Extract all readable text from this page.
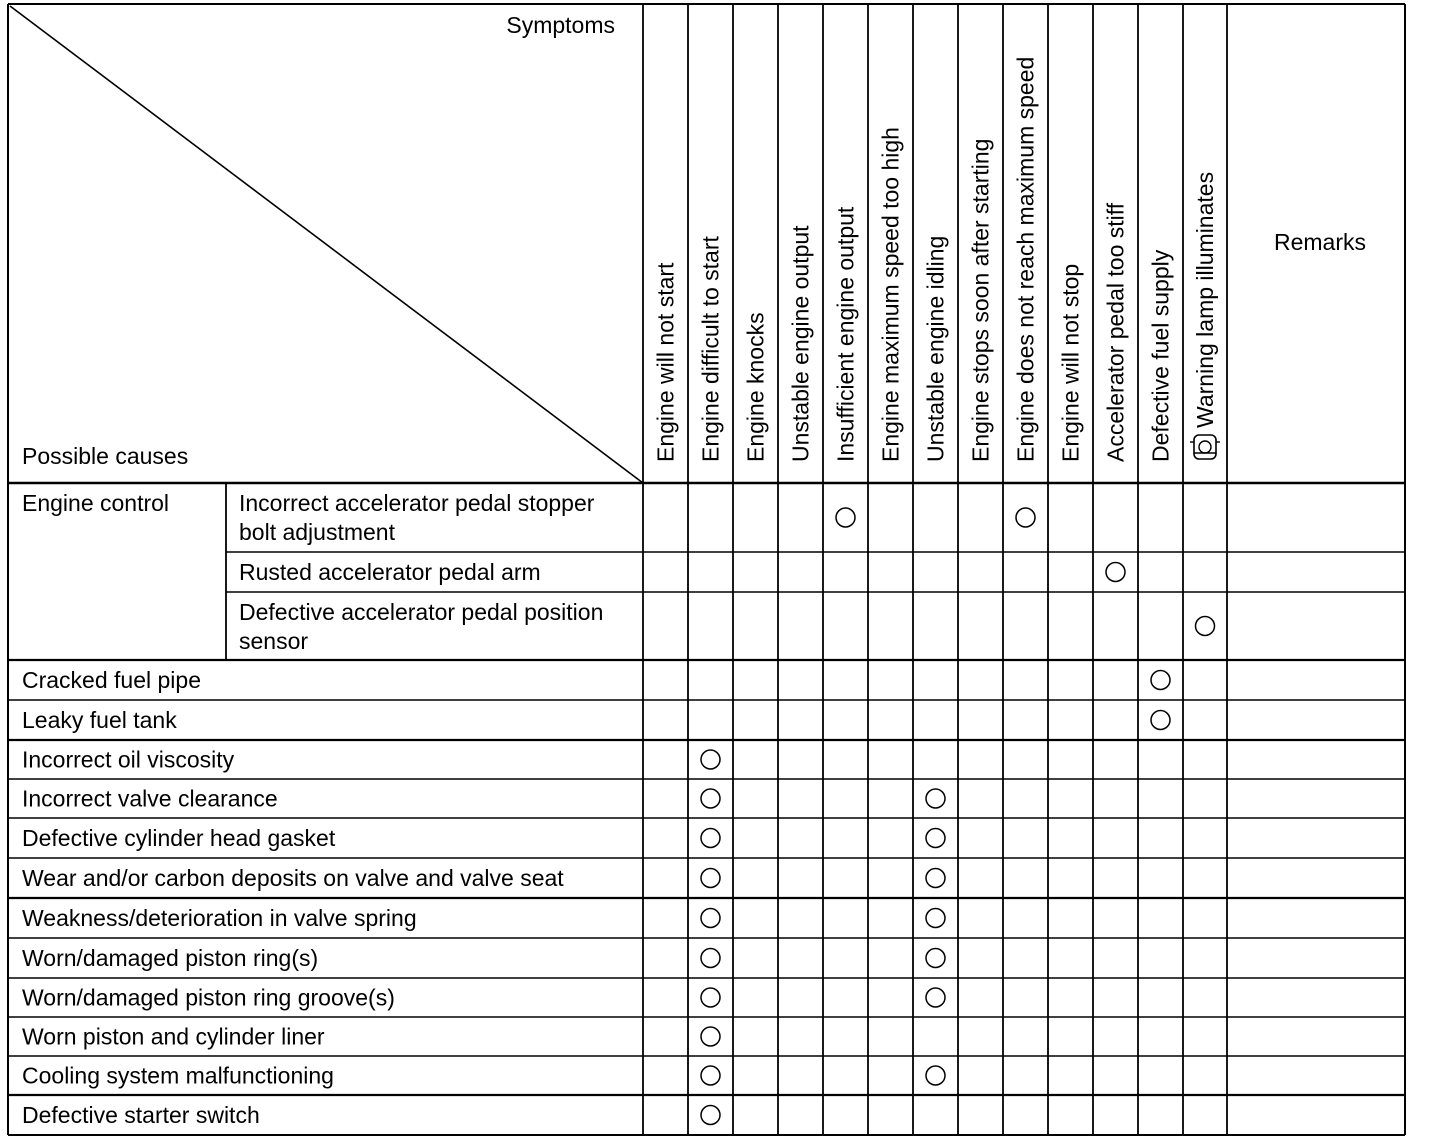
Symptoms
Possible causes
Remarks
Engine will not start Engine difficult to start Engine knocks Unstable engine output Insufficient engine output Engine maximum speed too high Unstable engine idling Engine stops soon after starting Engine does not reach maximum speed Engine will not stop Accelerator pedal too stiff Defective fuel supply Warning lamp illuminates
Engine control	Incorrect accelerator pedal stopper
bolt adjustment
Rusted accelerator pedal arm
Defective accelerator pedal position
sensor
Cracked fuel pipe
Leaky fuel tank
Incorrect oil viscosity
Incorrect valve clearance
Defective cylinder head gasket
Wear and/or carbon deposits on valve and valve seat
Weakness/deterioration in valve spring
Worn/damaged piston ring(s)
Worn/damaged piston ring groove(s)
Worn piston and cylinder liner
Cooling system malfunctioning
Defective starter switch
